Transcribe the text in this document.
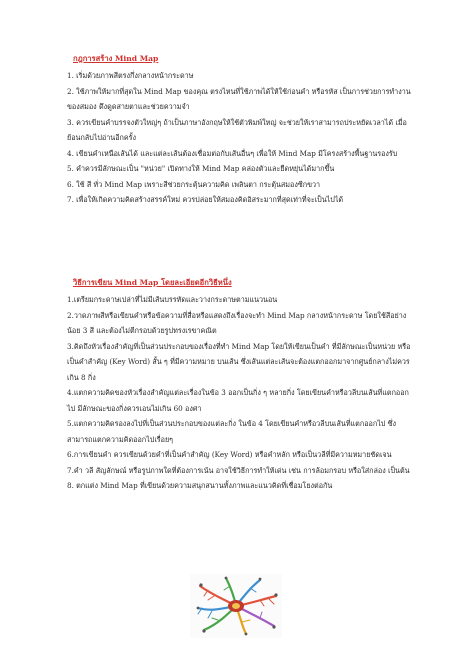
กฎการสร้าง Mind Map

1. เริ่มด้วยภาพสีตรงกึ่งกลางหน้ากระดาษ

2. ใช้ภาพให้มากที่สุดใน Mind Map ของคุณ ตรงไหนที่ใช้ภาพได้ให้ใช้ก่อนคำ หรือรหัส เป็นการช่วยการทำงานของสมอง ดึงดูดสายตาและช่วยความจำ

3. ควรเขียนคำบรรจงตัวใหญ่ๆ ถ้าเป็นภาษาอังกฤษให้ใช้ตัวพิมพ์ใหญ่ จะช่วยให้เราสามารถประหยัดเวลาได้ เมื่อย้อนกลับไปอ่านอีกครั้ง

4. เขียนคำเหนือเส้นได้ และแต่ละเส้นต้องเชื่อมต่อกับเส้นอื่นๆ เพื่อให้ Mind Map มีโครงสร้างพื้นฐานรองรับ

5. คำควรมีลักษณะเป็น "หน่วย" เปิดทางให้ Mind Map คล่องตัวและยืดหยุ่นได้มากขึ้น

6. ใช้ สี ทั่ว Mind Map เพราะสีช่วยกระตุ้นความคิด เพลินตา กระตุ้นสมองซีกขวา

7. เพื่อให้เกิดความคิดสร้างสรรค์ใหม่ ควรปล่อยให้สมองคิดอิสระมากที่สุดเท่าที่จะเป็นไปได้

วิธีการเขียน Mind Map โดยละเอียดอีกวิธีหนึ่ง

1.เตรียมกระดาษเปล่าที่ไม่มีเส้นบรรทัดและวางกระดาษตามแนวนอน

2.วาดภาพสีหรือเขียนคำหรือข้อความที่สื่อหรือแสดงถึงเรื่องจะทำ Mind Map กลางหน้ากระดาษ โดยใช้สีอย่างน้อย 3 สี และต้องไม่ตีกรอบด้วยรูปทรงเรขาคณิต

3.คิดถึงหัวเรื่องสำคัญที่เป็นส่วนประกอบของเรื่องที่ทำ Mind Map โดยให้เขียนเป็นคำ ที่มีลักษณะเป็นหน่วย หรือเป็นคำสำคัญ (Key Word) สั้น ๆ ที่มีความหมาย บนเส้น ซึ่งเส้นแต่ละเส้นจะต้องแตกออกมาจากศูนย์กลางไม่ควรเกิน 8 กิ่ง

4.แตกความคิดของหัวเรื่องสำคัญแต่ละเรื่องในข้อ 3 ออกเป็นกิ่ง ๆ หลายกิ่ง โดยเขียนคำหรือวลีบนเส้นที่แตกออกไป มีลักษณะของกิ่งควรเอนไม่เกิน 60 องศา

5.แตกความคิดรองลงไปที่เป็นส่วนประกอบของแต่ละกิ่ง ในข้อ 4 โดยเขียนคำหรือวลีบนเส้นที่แตกออกไป ซึ่งสามารถแตกความคิดออกไปเรื่อยๆ

6.การเขียนคำ ควรเขียนด้วยคำที่เป็นคำสำคัญ (Key Word) หรือคำหลัก หรือเป็นวลีที่มีความหมายชัดเจน

7.คำ วลี สัญลักษณ์ หรือรูปภาพใดที่ต้องการเน้น อาจใช้วิธีการทำให้เด่น เช่น การล้อมกรอบ หรือใส่กล่อง เป็นต้น

8. ตกแต่ง Mind Map ที่เขียนด้วยความสนุกสนานทั้งภาพและแนวคิดที่เชื่อมโยงต่อกัน
